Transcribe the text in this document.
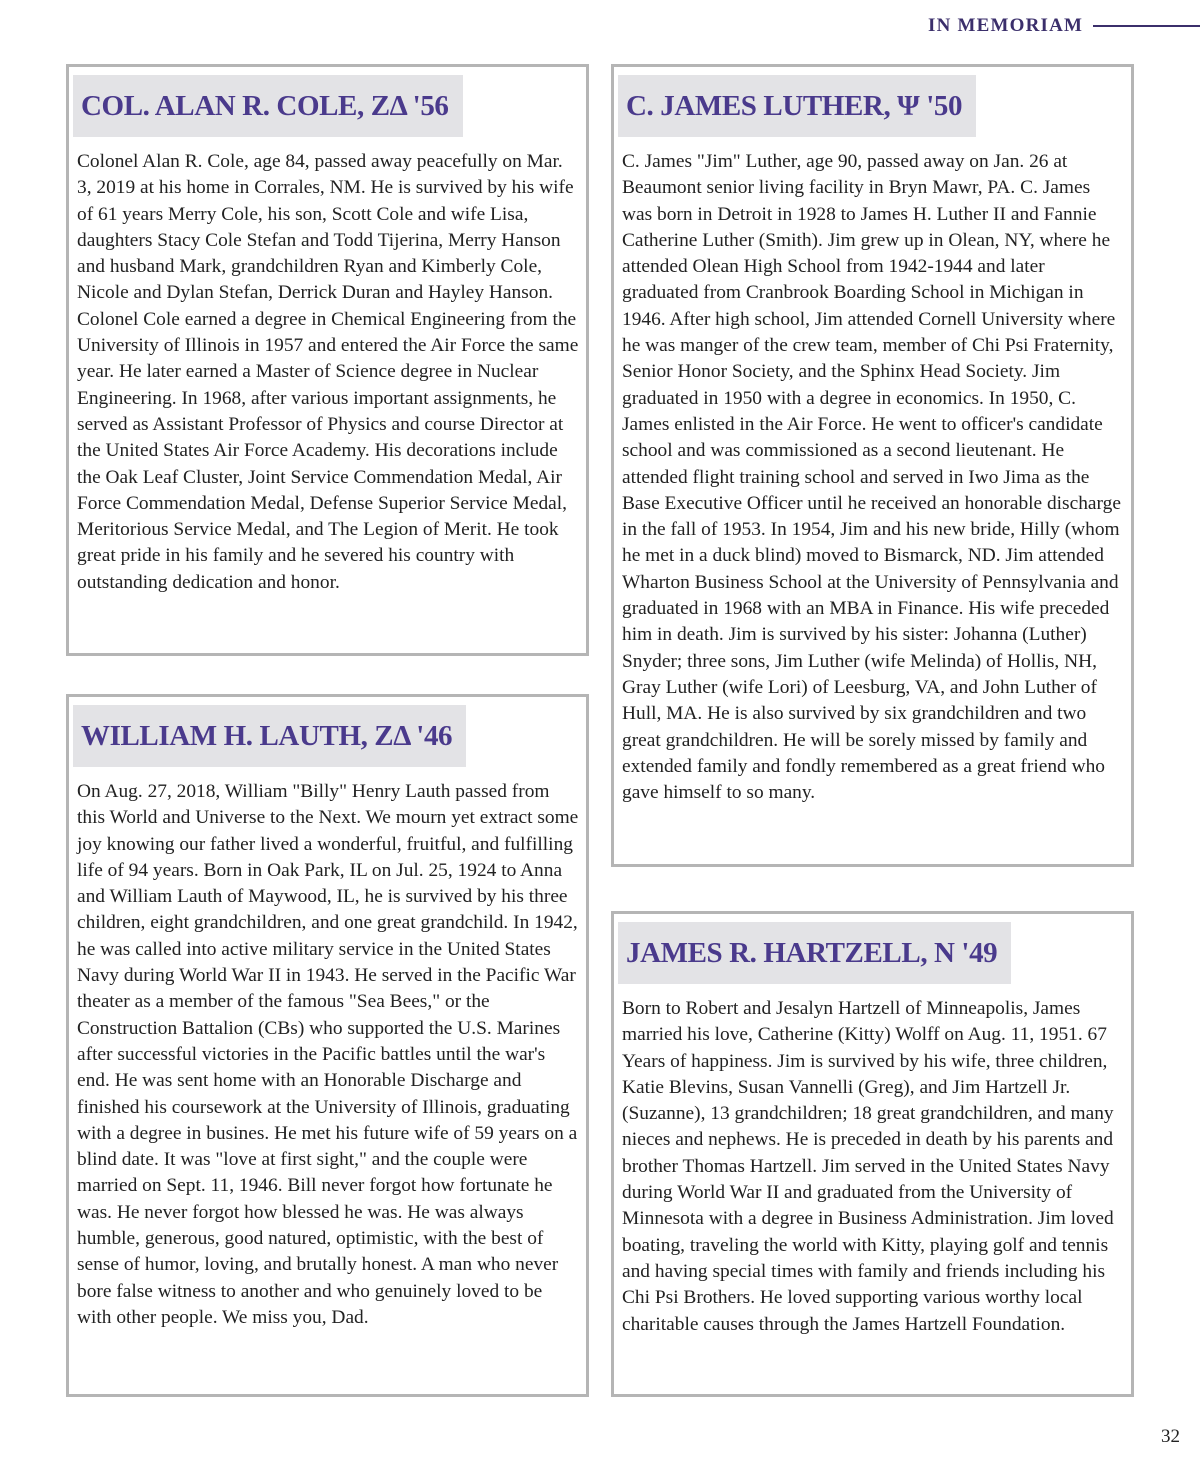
IN MEMORIAM
COL. ALAN R. COLE, ZΔ '56
Colonel Alan R. Cole, age 84, passed away peacefully on Mar. 3, 2019 at his home in Corrales, NM. He is survived by his wife of 61 years Merry Cole, his son, Scott Cole and wife Lisa, daughters Stacy Cole Stefan and Todd Tijerina, Merry Hanson and husband Mark, grandchildren Ryan and Kimberly Cole, Nicole and Dylan Stefan, Derrick Duran and Hayley Hanson. Colonel Cole earned a degree in Chemical Engineering from the University of Illinois in 1957 and entered the Air Force the same year. He later earned a Master of Science degree in Nuclear Engineering. In 1968, after various important assignments, he served as Assistant Professor of Physics and course Director at the United States Air Force Academy. His decorations include the Oak Leaf Cluster, Joint Service Commendation Medal, Air Force Commendation Medal, Defense Superior Service Medal, Meritorious Service Medal, and The Legion of Merit. He took great pride in his family and he severed his country with outstanding dedication and honor.
WILLIAM H. LAUTH, ZΔ '46
On Aug. 27, 2018, William "Billy" Henry Lauth passed from this World and Universe to the Next. We mourn yet extract some joy knowing our father lived a wonderful, fruitful, and fulfilling life of 94 years. Born in Oak Park, IL on Jul. 25, 1924 to Anna and William Lauth of Maywood, IL, he is survived by his three children, eight grandchildren, and one great grandchild. In 1942, he was called into active military service in the United States Navy during World War II in 1943. He served in the Pacific War theater as a member of the famous "Sea Bees," or the Construction Battalion (CBs) who supported the U.S. Marines after successful victories in the Pacific battles until the war's end. He was sent home with an Honorable Discharge and finished his coursework at the University of Illinois, graduating with a degree in busines. He met his future wife of 59 years on a blind date. It was "love at first sight," and the couple were married on Sept. 11, 1946. Bill never forgot how fortunate he was. He never forgot how blessed he was. He was always humble, generous, good natured, optimistic, with the best of sense of humor, loving, and brutally honest. A man who never bore false witness to another and who genuinely loved to be with other people. We miss you, Dad.
C. JAMES LUTHER, Ψ '50
C. James "Jim" Luther, age 90, passed away on Jan. 26 at Beaumont senior living facility in Bryn Mawr, PA. C. James was born in Detroit in 1928 to James H. Luther II and Fannie Catherine Luther (Smith). Jim grew up in Olean, NY, where he attended Olean High School from 1942-1944 and later graduated from Cranbrook Boarding School in Michigan in 1946. After high school, Jim attended Cornell University where he was manger of the crew team, member of Chi Psi Fraternity, Senior Honor Society, and the Sphinx Head Society. Jim graduated in 1950 with a degree in economics. In 1950, C. James enlisted in the Air Force. He went to officer's candidate school and was commissioned as a second lieutenant. He attended flight training school and served in Iwo Jima as the Base Executive Officer until he received an honorable discharge in the fall of 1953. In 1954, Jim and his new bride, Hilly (whom he met in a duck blind) moved to Bismarck, ND. Jim attended Wharton Business School at the University of Pennsylvania and graduated in 1968 with an MBA in Finance. His wife preceded him in death. Jim is survived by his sister: Johanna (Luther) Snyder; three sons, Jim Luther (wife Melinda) of Hollis, NH, Gray Luther (wife Lori) of Leesburg, VA, and John Luther of Hull, MA. He is also survived by six grandchildren and two great grandchildren. He will be sorely missed by family and extended family and fondly remembered as a great friend who gave himself to so many.
JAMES R. HARTZELL, N '49
Born to Robert and Jesalyn Hartzell of Minneapolis, James married his love, Catherine (Kitty) Wolff on Aug. 11, 1951. 67 Years of happiness. Jim is survived by his wife, three children, Katie Blevins, Susan Vannelli (Greg), and Jim Hartzell Jr. (Suzanne), 13 grandchildren; 18 great grandchildren, and many nieces and nephews. He is preceded in death by his parents and brother Thomas Hartzell. Jim served in the United States Navy during World War II and graduated from the University of Minnesota with a degree in Business Administration. Jim loved boating, traveling the world with Kitty, playing golf and tennis and having special times with family and friends including his Chi Psi Brothers. He loved supporting various worthy local charitable causes through the James Hartzell Foundation.
32
